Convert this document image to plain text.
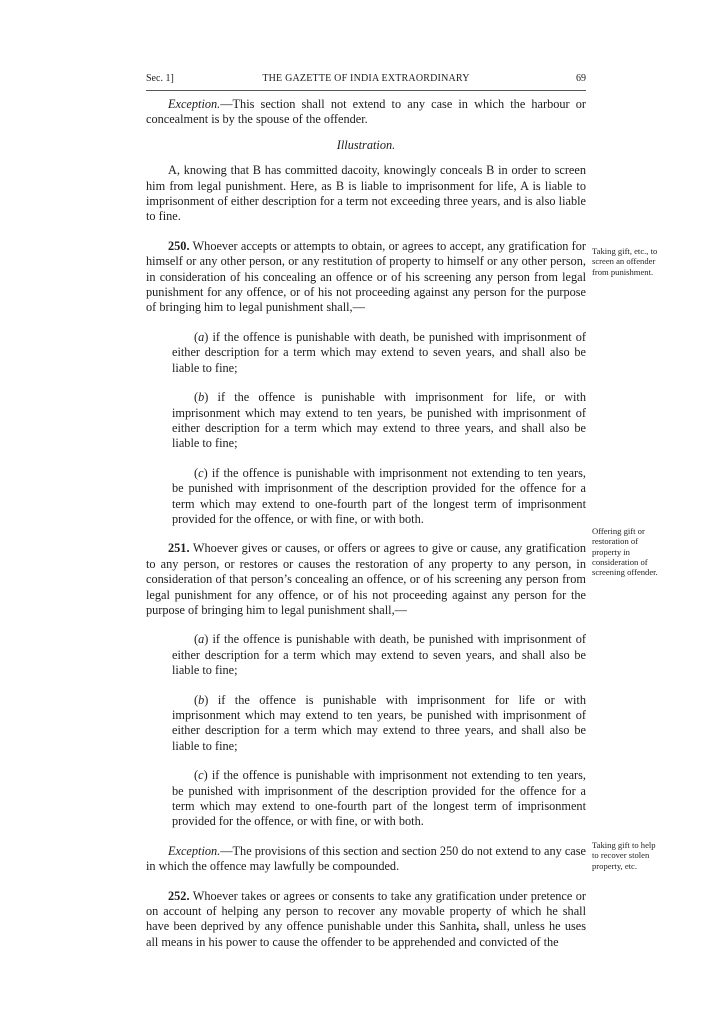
Sec. 1]	THE GAZETTE OF INDIA EXTRAORDINARY	69

Exception.—This section shall not extend to any case in which the harbour or concealment is by the spouse of the offender.

Illustration.

A, knowing that B has committed dacoity, knowingly conceals B in order to screen him from legal punishment. Here, as B is liable to imprisonment for life, A is liable to imprisonment of either description for a term not exceeding three years, and is also liable to fine.

250. Whoever accepts or attempts to obtain, or agrees to accept, any gratification for himself or any other person, or any restitution of property to himself or any other person, in consideration of his concealing an offence or of his screening any person from legal punishment for any offence, or of his not proceeding against any person for the purpose of bringing him to legal punishment shall,—

(a) if the offence is punishable with death, be punished with imprisonment of either description for a term which may extend to seven years, and shall also be liable to fine;

(b) if the offence is punishable with imprisonment for life, or with imprisonment which may extend to ten years, be punished with imprisonment of either description for a term which may extend to three years, and shall also be liable to fine;

(c) if the offence is punishable with imprisonment not extending to ten years, be punished with imprisonment of the description provided for the offence for a term which may extend to one-fourth part of the longest term of imprisonment provided for the offence, or with fine, or with both.

251. Whoever gives or causes, or offers or agrees to give or cause, any gratification to any person, or restores or causes the restoration of any property to any person, in consideration of that person’s concealing an offence, or of his screening any person from legal punishment for any offence, or of his not proceeding against any person for the purpose of bringing him to legal punishment shall,—

(a) if the offence is punishable with death, be punished with imprisonment of either description for a term which may extend to seven years, and shall also be liable to fine;

(b) if the offence is punishable with imprisonment for life or with imprisonment which may extend to ten years, be punished with imprisonment of either description for a term which may extend to three years, and shall also be liable to fine;

(c) if the offence is punishable with imprisonment not extending to ten years, be punished with imprisonment of the description provided for the offence for a term which may extend to one-fourth part of the longest term of imprisonment provided for the offence, or with fine, or with both.

Exception.—The provisions of this section and section 250 do not extend to any case in which the offence may lawfully be compounded.

252. Whoever takes or agrees or consents to take any gratification under pretence or on account of helping any person to recover any movable property of which he shall have been deprived by any offence punishable under this Sanhita, shall, unless he uses all means in his power to cause the offender to be apprehended and convicted of the

Taking gift, etc., to screen an offender from punishment.
Offering gift or restoration of property in consideration of screening offender.
Taking gift to help to recover stolen property, etc.
